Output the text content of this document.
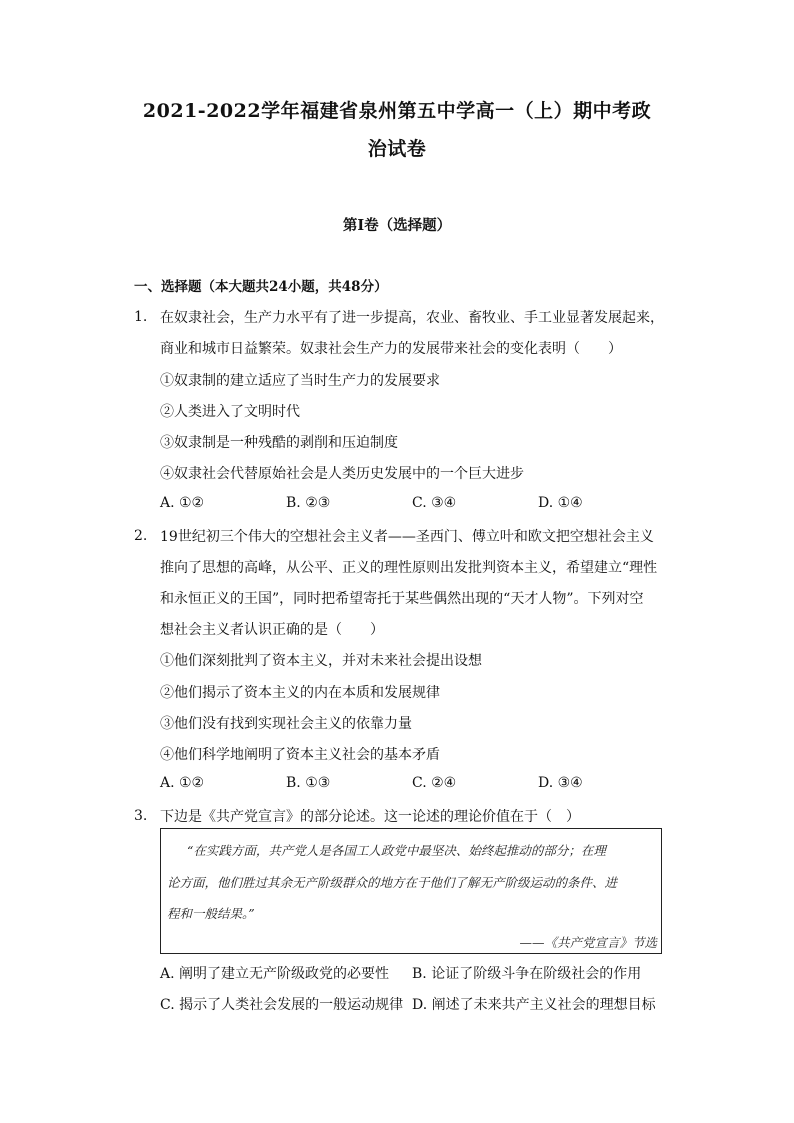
2021-2022学年福建省泉州第五中学高一（上）期中考政
治试卷
第I卷（选择题）
一、选择题（本大题共24小题，共48分）
1. 在奴隶社会，生产力水平有了进一步提高，农业、畜牧业、手工业显著发展起来，
商业和城市日益繁荣。奴隶社会生产力的发展带来社会的变化表明（　　）
①奴隶制的建立适应了当时生产力的发展要求
②人类进入了文明时代
③奴隶制是一种残酷的剥削和压迫制度
④奴隶社会代替原始社会是人类历史发展中的一个巨大进步
A. ①②	B. ②③	C. ③④	D. ①④
2. 19世纪初三个伟大的空想社会主义者——圣西门、傅立叶和欧文把空想社会主义
推向了思想的高峰，从公平、正义的理性原则出发批判资本主义，希望建立“理性
和永恒正义的王国”，同时把希望寄托于某些偶然出现的“天才人物”。下列对空
想社会主义者认识正确的是（　　）
①他们深刻批判了资本主义，并对未来社会提出设想
②他们揭示了资本主义的内在本质和发展规律
③他们没有找到实现社会主义的依靠力量
④他们科学地阐明了资本主义社会的基本矛盾
A. ①②	B. ①③	C. ②④	D. ③④
3. 下边是《共产党宣言》的部分论述。这一论述的理论价值在于（　）
“在实践方面，共产党人是各国工人政党中最坚决、始终起推动的部分；在理
论方面，他们胜过其余无产阶级群众的地方在于他们了解无产阶级运动的条件、进
程和一般结果。”
——《共产党宣言》节选
A. 阐明了建立无产阶级政党的必要性 B. 论证了阶级斗争在阶级社会的作用
C. 揭示了人类社会发展的一般运动规律 D. 阐述了未来共产主义社会的理想目标
